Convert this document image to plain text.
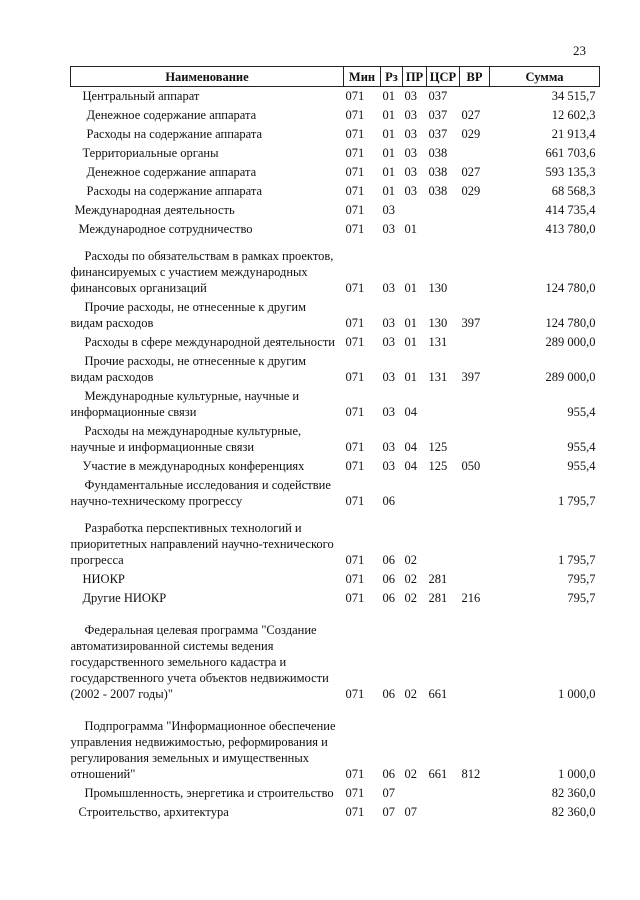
23
Наименование	Мин	Рз	ПР	ЦСР	ВР	Сумма
Центральный аппарат	071	01	03	037		34 515,7
Денежное содержание аппарата	071	01	03	037	027	12 602,3
Расходы на содержание аппарата	071	01	03	037	029	21 913,4
Территориальные органы	071	01	03	038		661 703,6
Денежное содержание аппарата	071	01	03	038	027	593 135,3
Расходы на содержание аппарата	071	01	03	038	029	68 568,3
Международная деятельность	071	03				414 735,4
Международное сотрудничество	071	03	01			413 780,0
Расходы по обязательствам в рамках проектов, финансируемых с участием международных финансовых организаций	071	03	01	130		124 780,0
Прочие расходы, не отнесенные к другим видам расходов	071	03	01	130	397	124 780,0
Расходы в сфере международной деятельности	071	03	01	131		289 000,0
Прочие расходы, не отнесенные к другим видам расходов	071	03	01	131	397	289 000,0
Международные культурные, научные и информационные связи	071	03	04			955,4
Расходы на международные культурные, научные и информационные связи	071	03	04	125		955,4
Участие в международных конференциях	071	03	04	125	050	955,4
Фундаментальные исследования и содействие научно-техническому прогрессу	071	06				1 795,7
Разработка перспективных технологий и приоритетных направлений научно-технического прогресса	071	06	02			1 795,7
НИОКР	071	06	02	281		795,7
Другие НИОКР	071	06	02	281	216	795,7
Федеральная целевая программа "Создание автоматизированной системы ведения государственного земельного кадастра и государственного учета объектов недвижимости (2002 - 2007 годы)"	071	06	02	661		1 000,0
Подпрограмма "Информационное обеспечение управления недвижимостью, реформирования и регулирования земельных и имущественных отношений"	071	06	02	661	812	1 000,0
Промышленность, энергетика и строительство	071	07				82 360,0
Строительство, архитектура	071	07	07			82 360,0
